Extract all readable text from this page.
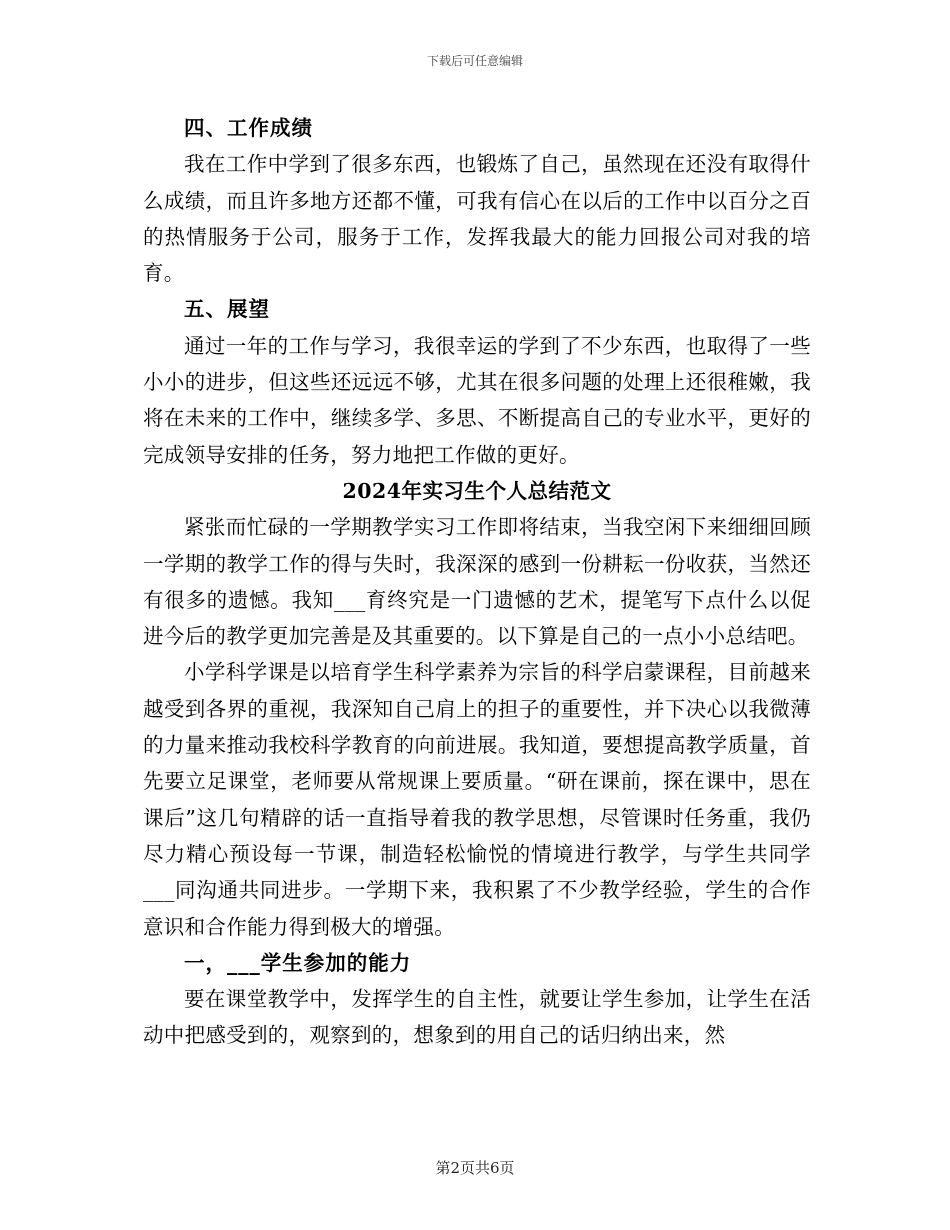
下载后可任意编辑

四、工作成绩

我在工作中学到了很多东西，也锻炼了自己，虽然现在还没有取得什么成绩，而且许多地方还都不懂，可我有信心在以后的工作中以百分之百的热情服务于公司，服务于工作，发挥我最大的能力回报公司对我的培育。

五、展望

通过一年的工作与学习，我很幸运的学到了不少东西，也取得了一些小小的进步，但这些还远远不够，尤其在很多问题的处理上还很稚嫩，我将在未来的工作中，继续多学、多思、不断提高自己的专业水平，更好的完成领导安排的任务，努力地把工作做的更好。

2024年实习生个人总结范文

紧张而忙碌的一学期教学实习工作即将结束，当我空闲下来细细回顾一学期的教学工作的得与失时，我深深的感到一份耕耘一份收获，当然还有很多的遗憾。我知___育终究是一门遗憾的艺术，提笔写下点什么以促进今后的教学更加完善是及其重要的。以下算是自己的一点小小总结吧。

小学科学课是以培育学生科学素养为宗旨的科学启蒙课程，目前越来越受到各界的重视，我深知自己肩上的担子的重要性，并下决心以我微薄的力量来推动我校科学教育的向前进展。我知道，要想提高教学质量，首先要立足课堂，老师要从常规课上要质量。“研在课前，探在课中，思在课后”这几句精辟的话一直指导着我的教学思想，尽管课时任务重，我仍尽力精心预设每一节课，制造轻松愉悦的情境进行教学，与学生共同学___同沟通共同进步。一学期下来，我积累了不少教学经验，学生的合作意识和合作能力得到极大的增强。

一，___学生参加的能力

要在课堂教学中，发挥学生的自主性，就要让学生参加，让学生在活动中把感受到的，观察到的，想象到的用自己的话归纳出来，然

第2页共6页
